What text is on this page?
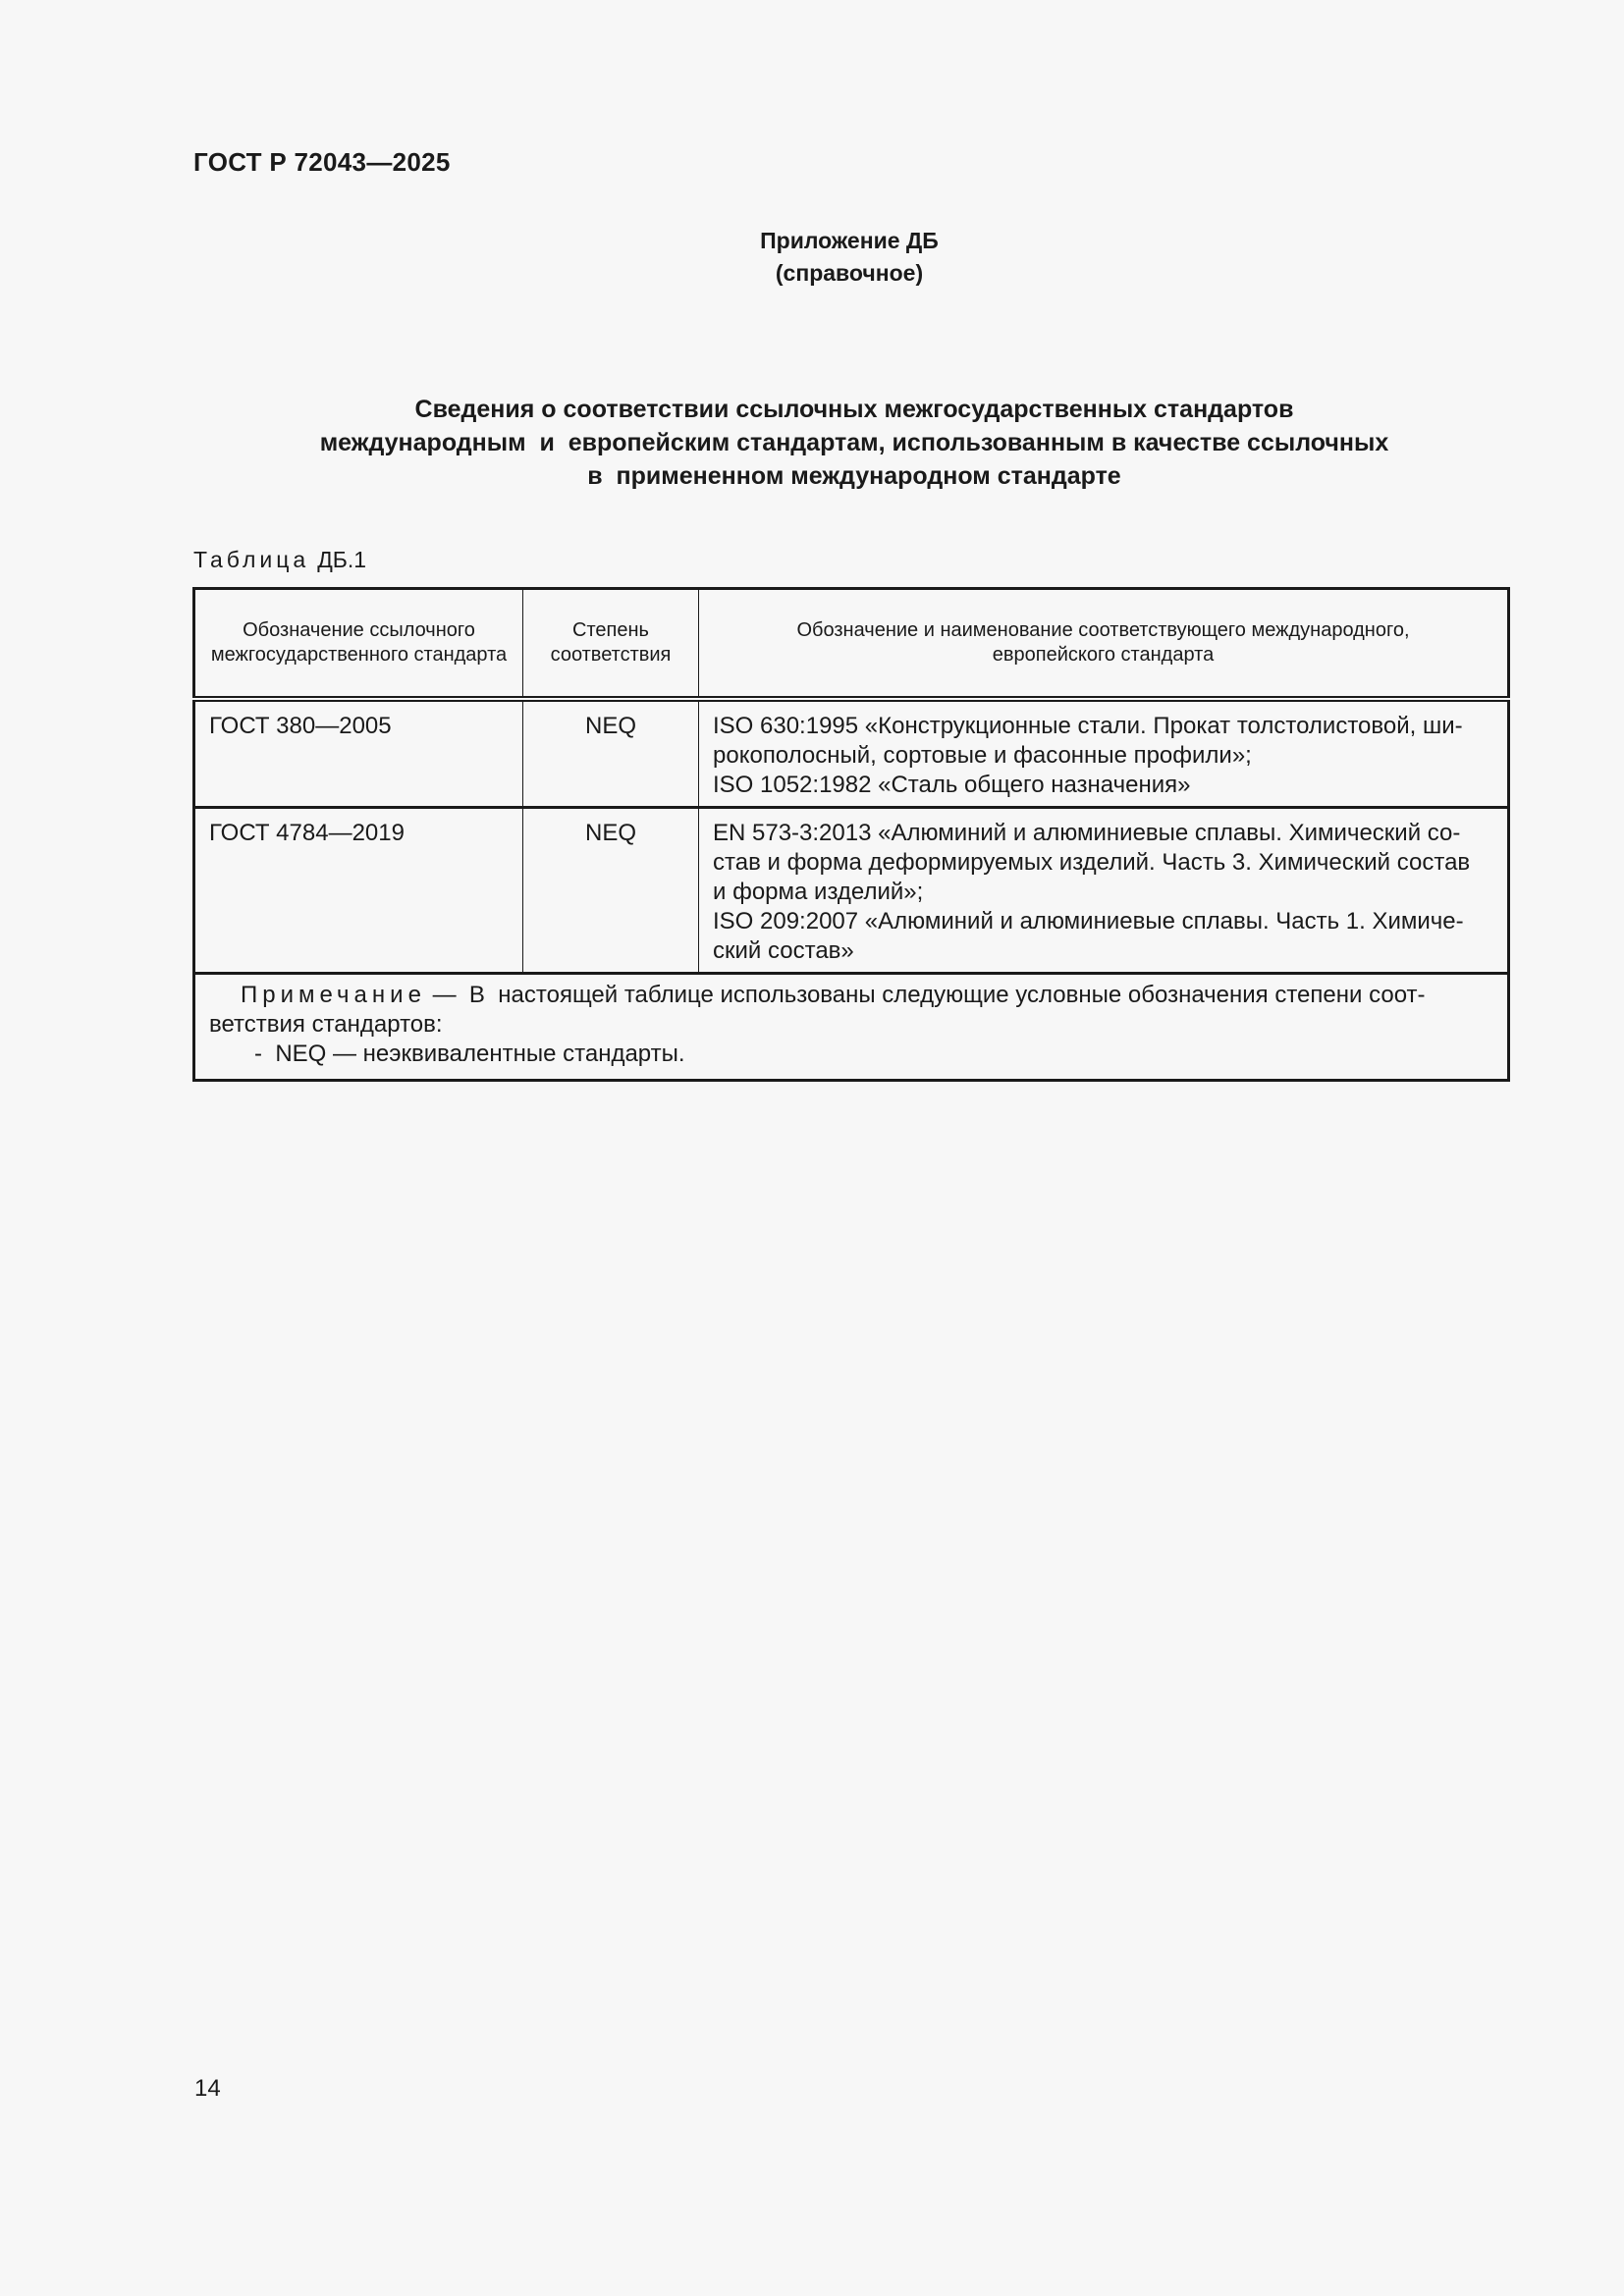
ГОСТ Р 72043—2025
Приложение ДБ
(справочное)
Сведения о соответствии ссылочных межгосударственных стандартов
международным  и  европейским стандартам, использованным в качестве ссылочных
в  примененном международном стандарте
Таблица ДБ.1
Обозначение ссылочного межгосударственного стандарта	Степень соответствия	Обозначение и наименование соответствующего международного, европейского стандарта
ГОСТ 380—2005	NEQ	ISO 630:1995 «Конструкционные стали. Прокат толстолистовой, ши-
рокополосный, сортовые и фасонные профили»;
ISO 1052:1982 «Сталь общего назначения»

ГОСТ 4784—2019	NEQ	EN 573-3:2013 «Алюминий и алюминиевые сплавы. Химический со-
став и форма деформируемых изделий. Часть 3. Химический состав
и форма изделий»;
ISO 209:2007 «Алюминий и алюминиевые сплавы. Часть 1. Химиче-
ский состав»

Примечание —  В  настоящей таблице использованы следующие условные обозначения степени соот-
ветствия стандартов:
-  NEQ — неэквивалентные стандарты.		
14
